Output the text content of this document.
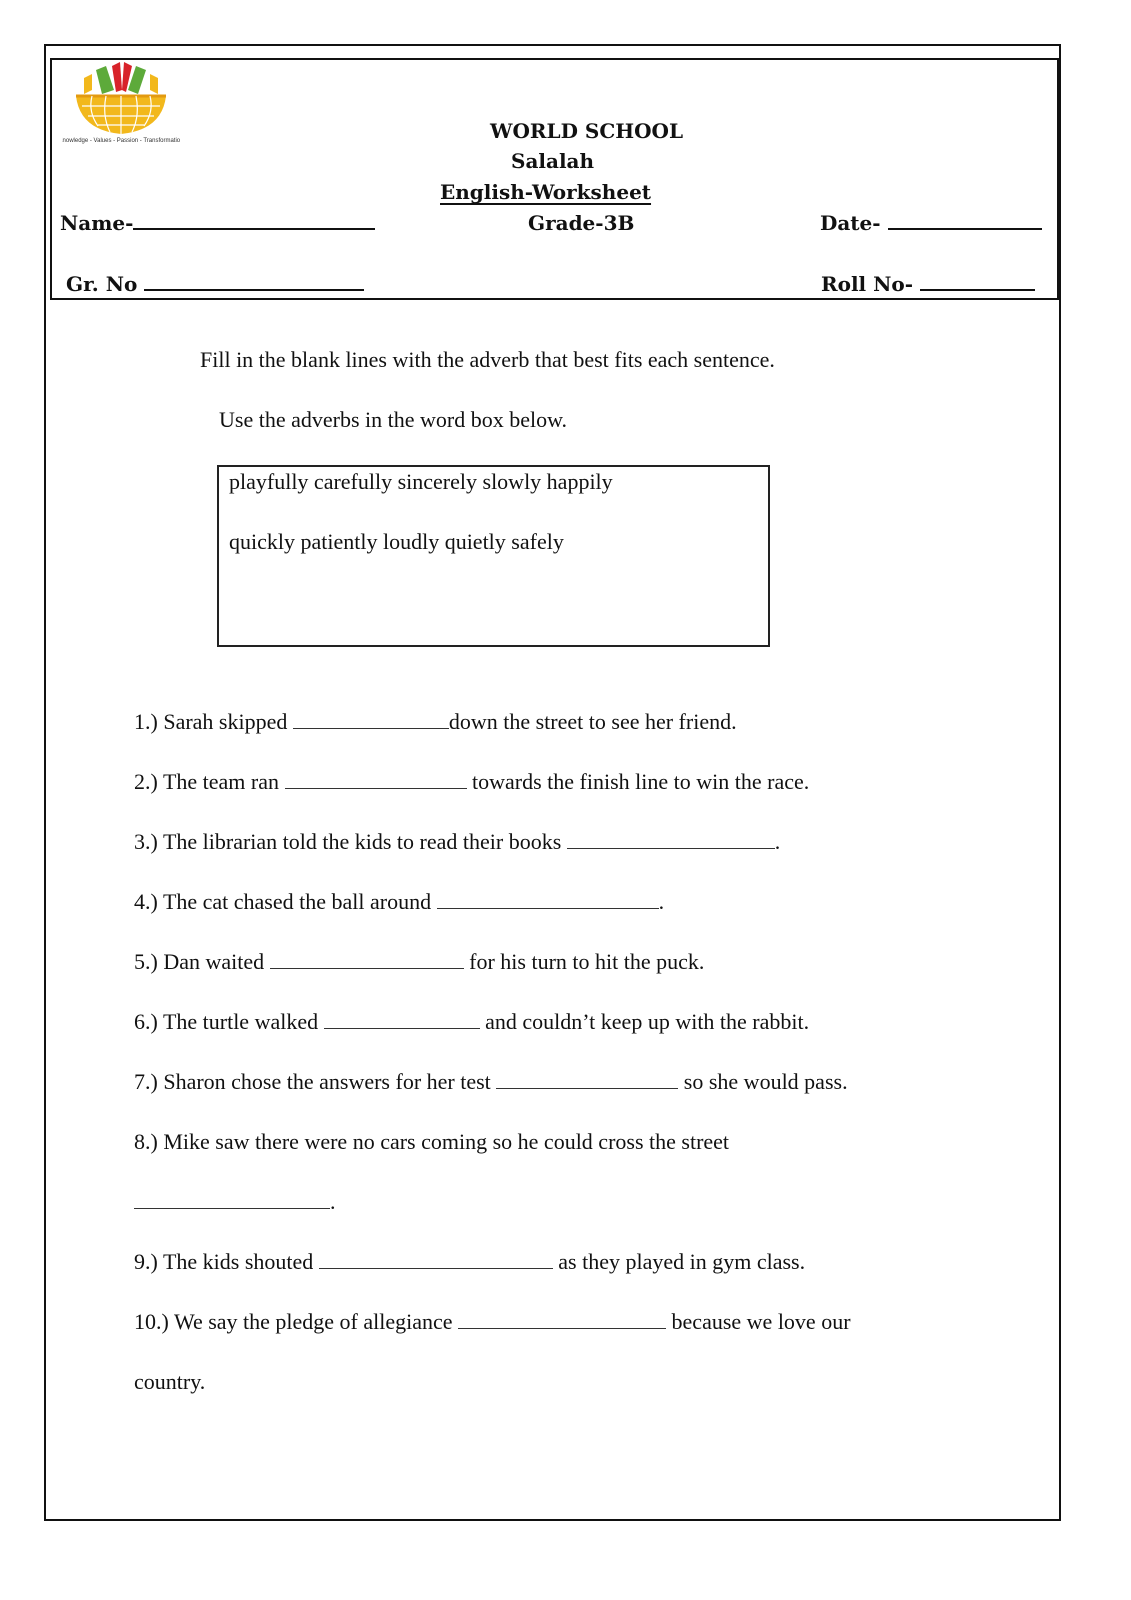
Knowledge - Values - Passion - Transformation	WORLD SCHOOL
Salalah
English-Worksheet
Grade-3B
Name-	Date-
Gr. No	Roll No-
Fill in the blank lines with the adverb that best fits each sentence.
Use the adverbs in the word box below.
playfully carefully sincerely slowly happily
quickly patiently loudly quietly safely
1.) Sarah skipped	down the street to see her friend.
2.) The team ran	towards the finish line to win the race.
3.) The librarian told the kids to read their books	.
4.) The cat chased the ball around	.
5.) Dan waited	for his turn to hit the puck.
6.) The turtle walked	and couldn’t keep up with the rabbit.
7.) Sharon chose the answers for her test	so she would pass.
8.) Mike saw there were no cars coming so he could cross the street
.
9.) The kids shouted	as they played in gym class.
10.) We say the pledge of allegiance	because we love our
country.
